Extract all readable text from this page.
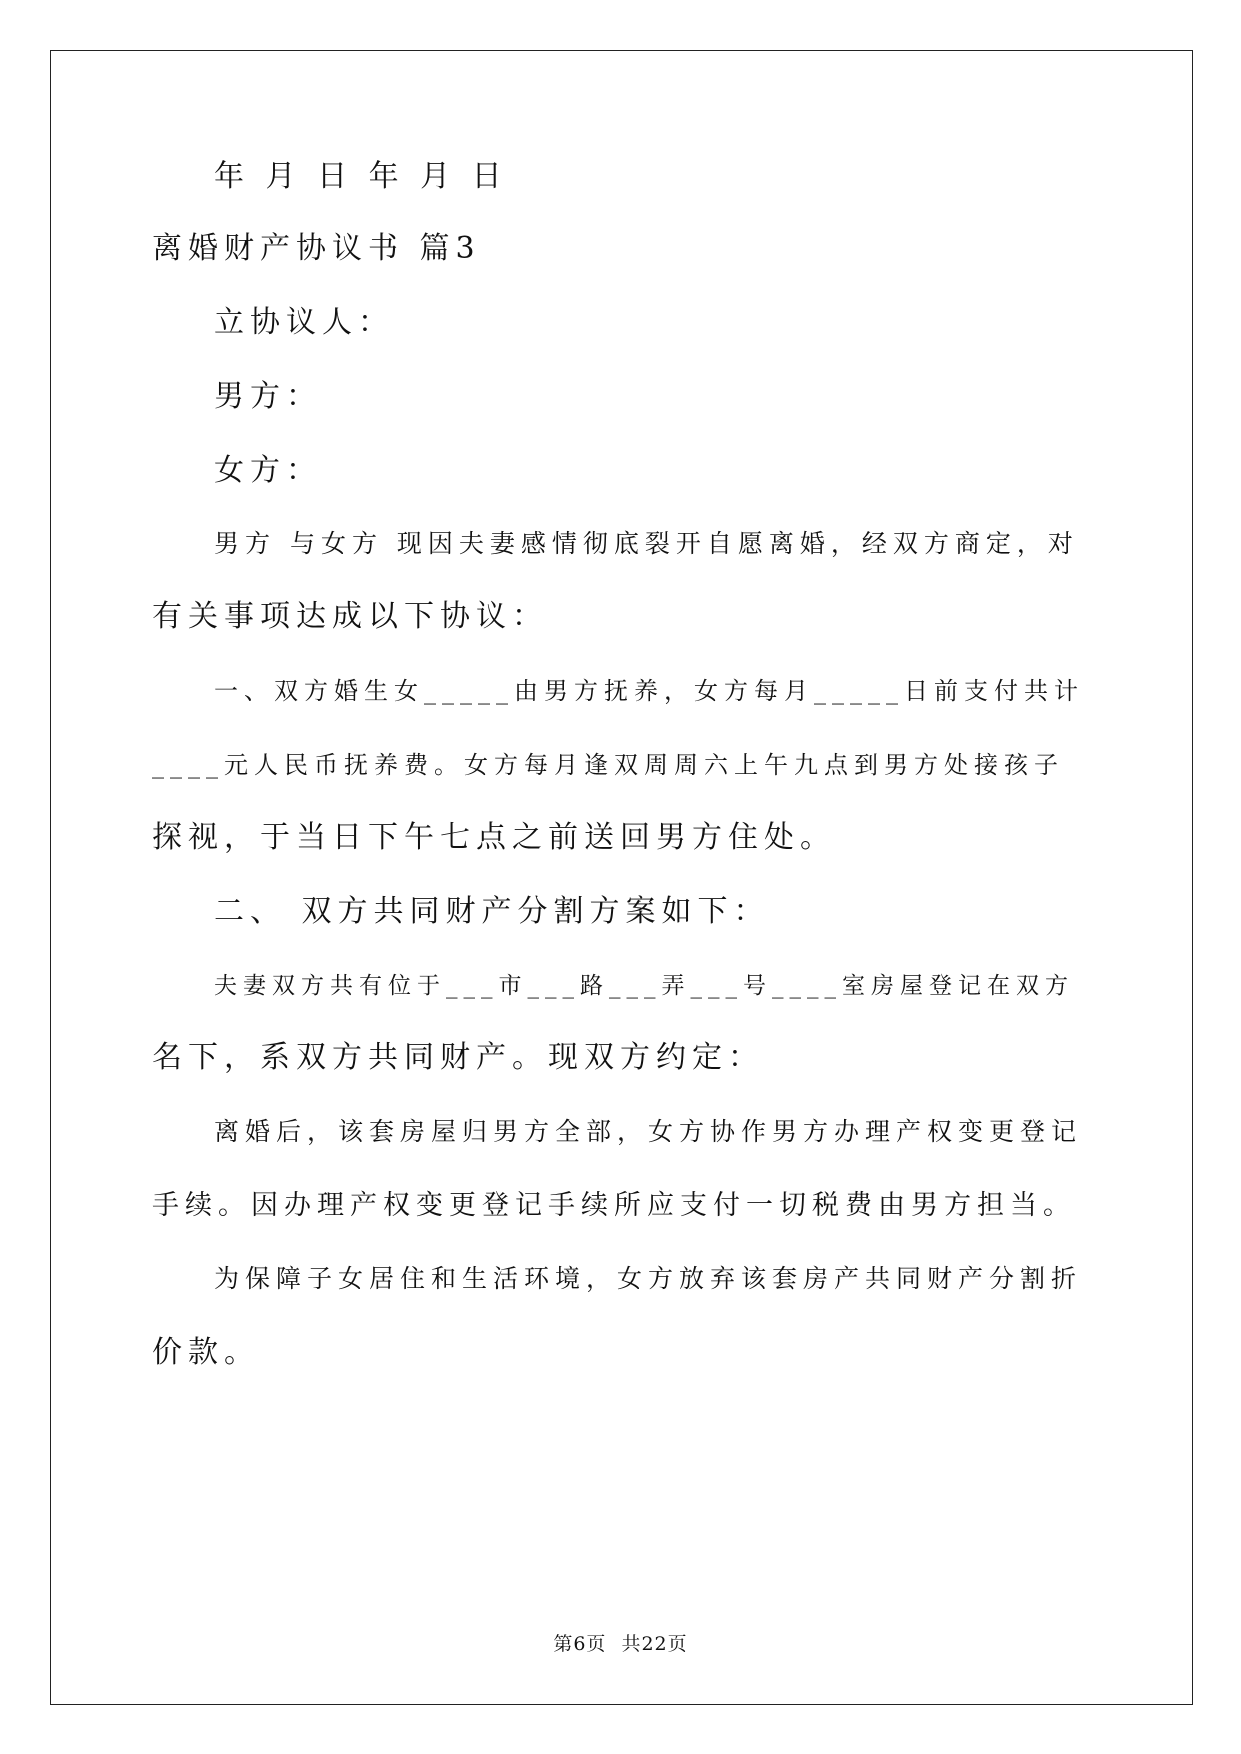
年 月 日 年 月 日
离婚财产协议书 篇3
立协议人：
男方：
女方：
男方 与女方 现因夫妻感情彻底裂开自愿离婚，经双方商定，对
有关事项达成以下协议：
一、双方婚生女_____由男方抚养，女方每月_____日前支付共计
____元人民币抚养费。女方每月逢双周周六上午九点到男方处接孩子
探视，于当日下午七点之前送回男方住处。
二、 双方共同财产分割方案如下：
夫妻双方共有位于___市___路___弄___号____室房屋登记在双方
名下，系双方共同财产。现双方约定：
离婚后，该套房屋归男方全部，女方协作男方办理产权变更登记
手续。因办理产权变更登记手续所应支付一切税费由男方担当。
为保障子女居住和生活环境，女方放弃该套房产共同财产分割折
价款。
第6页 共22页
